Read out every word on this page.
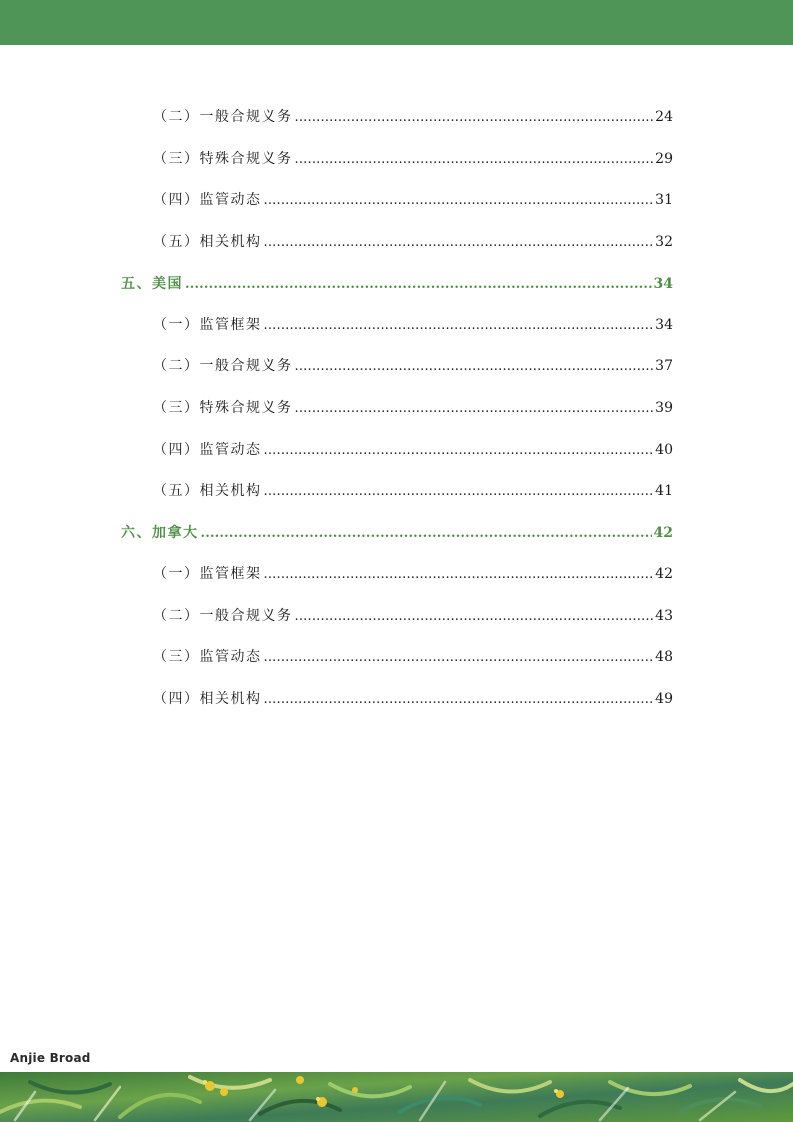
（二）一般合规义务 .....	24
（三）特殊合规义务 .....	29
（四）监管动态 .....	31
（五）相关机构 .....	32
五、美国 .....	34
（一）监管框架 .....	34
（二）一般合规义务 .....	37
（三）特殊合规义务 .....	39
（四）监管动态 .....	40
（五）相关机构 .....	41
六、加拿大 .....	42
（一）监管框架 .....	42
（二）一般合规义务 .....	43
（三）监管动态 .....	48
（四）相关机构 .....	49
Anjie Broad
